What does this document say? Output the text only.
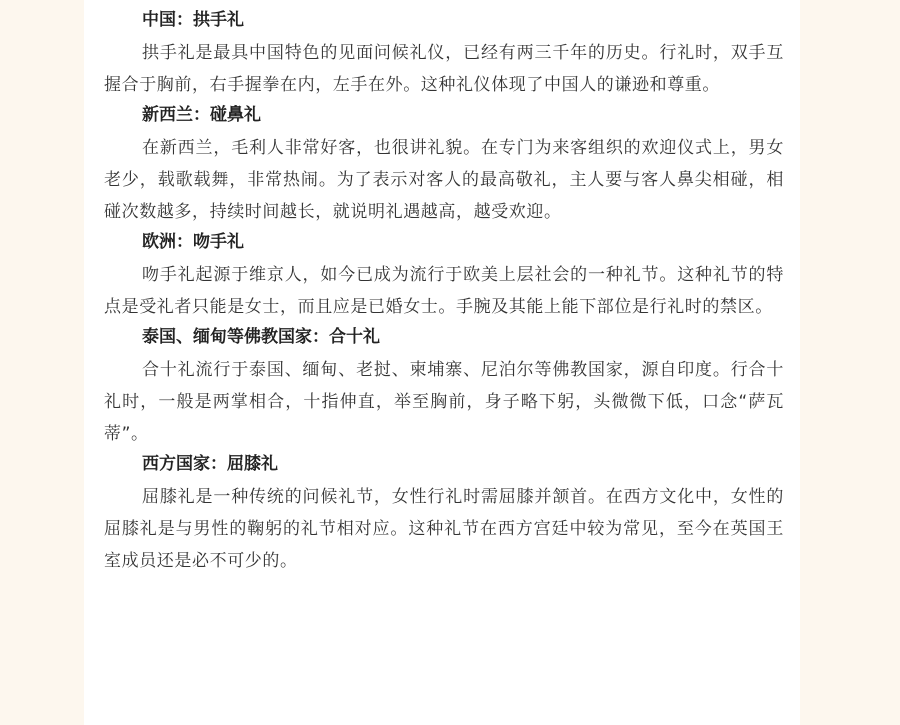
中国：拱手礼

拱手礼是最具中国特色的见面问候礼仪，已经有两三千年的历史。行礼时，双手互握合于胸前，右手握拳在内，左手在外。这种礼仪体现了中国人的谦逊和尊重。

新西兰：碰鼻礼

在新西兰，毛利人非常好客，也很讲礼貌。在专门为来客组织的欢迎仪式上，男女老少，载歌载舞，非常热闹。为了表示对客人的最高敬礼，主人要与客人鼻尖相碰，相碰次数越多，持续时间越长，就说明礼遇越高，越受欢迎。

欧洲：吻手礼

吻手礼起源于维京人，如今已成为流行于欧美上层社会的一种礼节。这种礼节的特点是受礼者只能是女士，而且应是已婚女士。手腕及其能上能下部位是行礼时的禁区。

泰国、缅甸等佛教国家：合十礼

合十礼流行于泰国、缅甸、老挝、柬埔寨、尼泊尔等佛教国家，源自印度。行合十礼时，一般是两掌相合，十指伸直，举至胸前，身子略下躬，头微微下低，口念“萨瓦蒂”。

西方国家：屈膝礼

屈膝礼是一种传统的问候礼节，女性行礼时需屈膝并颔首。在西方文化中，女性的屈膝礼是与男性的鞠躬的礼节相对应。这种礼节在西方宫廷中较为常见，至今在英国王室成员还是必不可少的。
